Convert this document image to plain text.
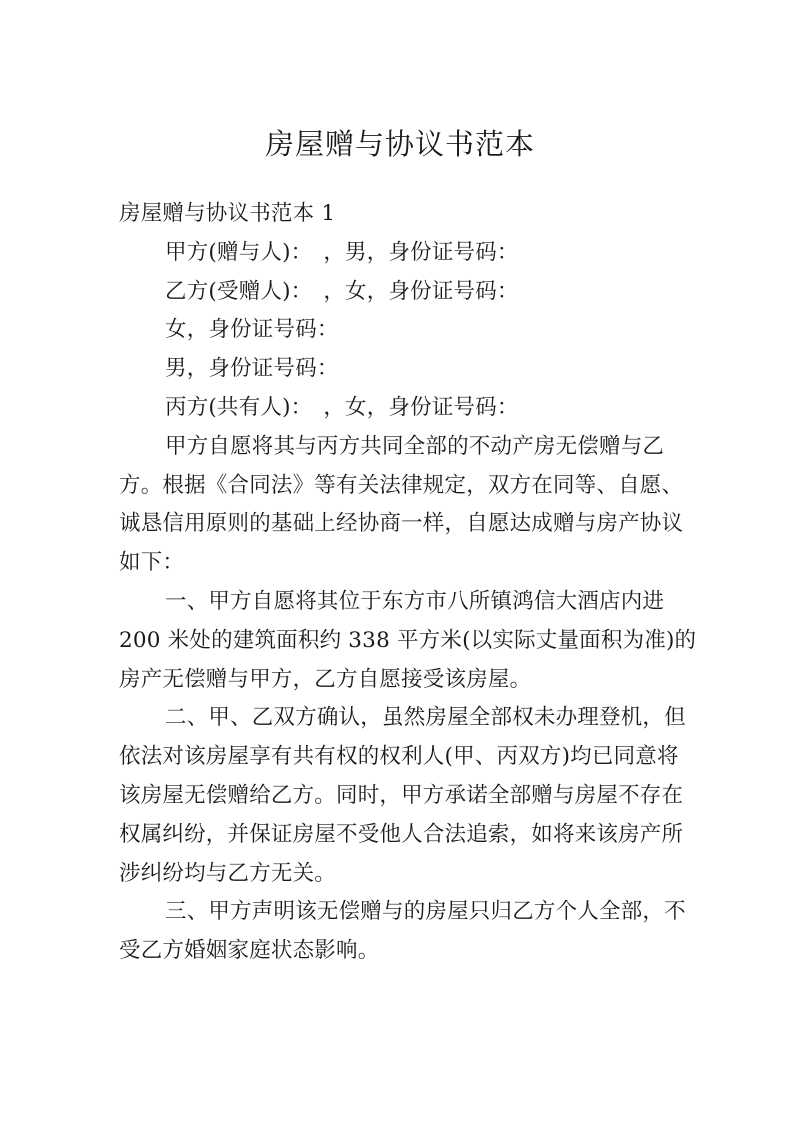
房屋赠与协议书范本
房屋赠与协议书范本 1
甲方(赠与人)：　，男，身份证号码：
乙方(受赠人)：　，女，身份证号码：
女，身份证号码：
男，身份证号码：
丙方(共有人)：　，女，身份证号码：
甲方自愿将其与丙方共同全部的不动产房无偿赠与乙
方。根据《合同法》等有关法律规定，双方在同等、自愿、
诚恳信用原则的基础上经协商一样，自愿达成赠与房产协议
如下：
一、甲方自愿将其位于东方市八所镇鸿信大酒店内进
200 米处的建筑面积约 338 平方米(以实际丈量面积为准)的
房产无偿赠与甲方，乙方自愿接受该房屋。
二、甲、乙双方确认，虽然房屋全部权未办理登机，但
依法对该房屋享有共有权的权利人(甲、丙双方)均已同意将
该房屋无偿赠给乙方。同时，甲方承诺全部赠与房屋不存在
权属纠纷，并保证房屋不受他人合法追索，如将来该房产所
涉纠纷均与乙方无关。
三、甲方声明该无偿赠与的房屋只归乙方个人全部，不
受乙方婚姻家庭状态影响。
